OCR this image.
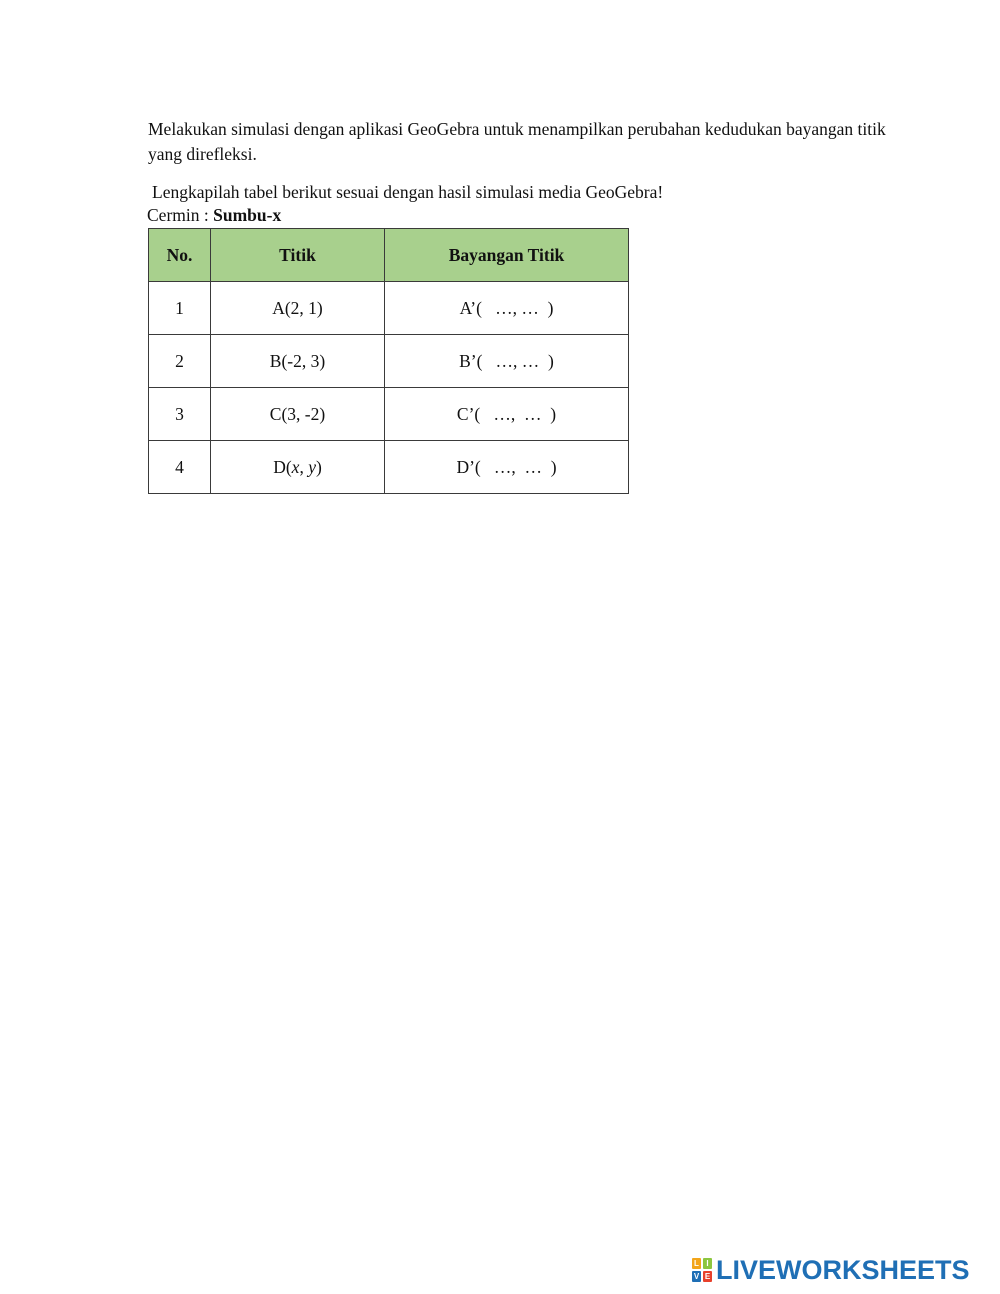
Melakukan simulasi dengan aplikasi GeoGebra untuk menampilkan perubahan kedudukan bayangan titik yang direfleksi.

Lengkapilah tabel berikut sesuai dengan hasil simulasi media GeoGebra!

Cermin : Sumbu-x

No.	Titik	Bayangan Titik
1	A(2, 1)	A’(   …, …  )
2	B(-2, 3)	B’(   …, …  )
3	C(3, -2)	C’(   …,  …  )
4	D(x, y)	D’(   …,  …  )
L I
V E LIVEWORKSHEETS
